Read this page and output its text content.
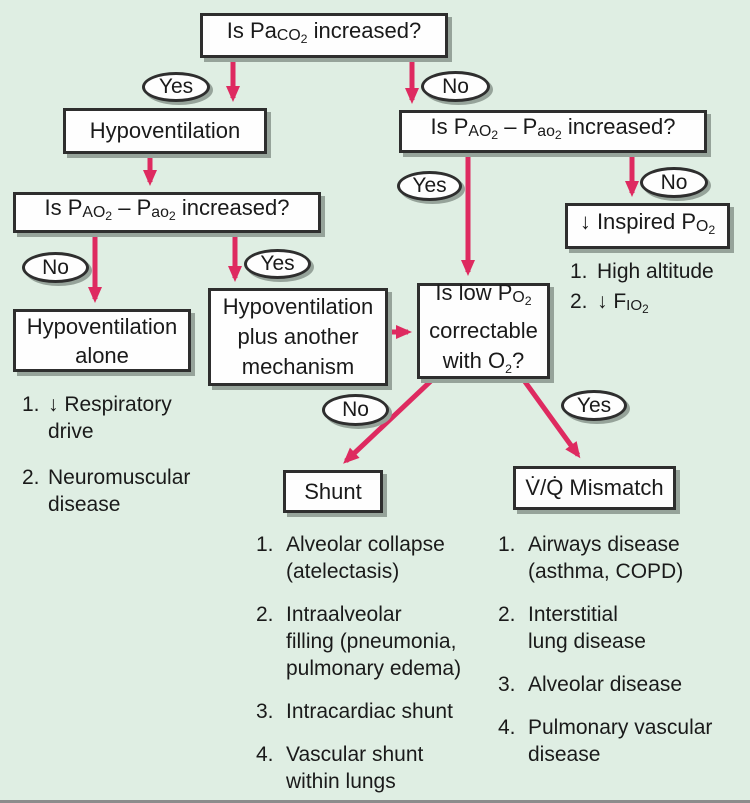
Is PaCO$_2$ increased?
Yes	No
Hypoventilation	Is $PAO_2 - Pao_2$ increased?
Is $PAO_2 - Pao_2$ increased?
No	Yes
Yes	No
↓ Inspired $PO_2$
1. High altitude
2. ↓ $FIO_2$
Hypoventilation
alone
Hypoventilation
plus another
mechanism
Is low $PO_2$
correctable
with $O_2$?
1. ↓ Respiratory
drive
2. Neuromuscular
disease
No	Yes
Shunt	V̇/Q̇ Mismatch
1. Alveolar collapse
(atelectasis)
2. Intraalveolar
filling (pneumonia,
pulmonary edema)
3. Intracardiac shunt
4. Vascular shunt
within lungs
1. Airways disease
(asthma, COPD)
2. Interstitial
lung disease
3. Alveolar disease
4. Pulmonary vascular
disease
